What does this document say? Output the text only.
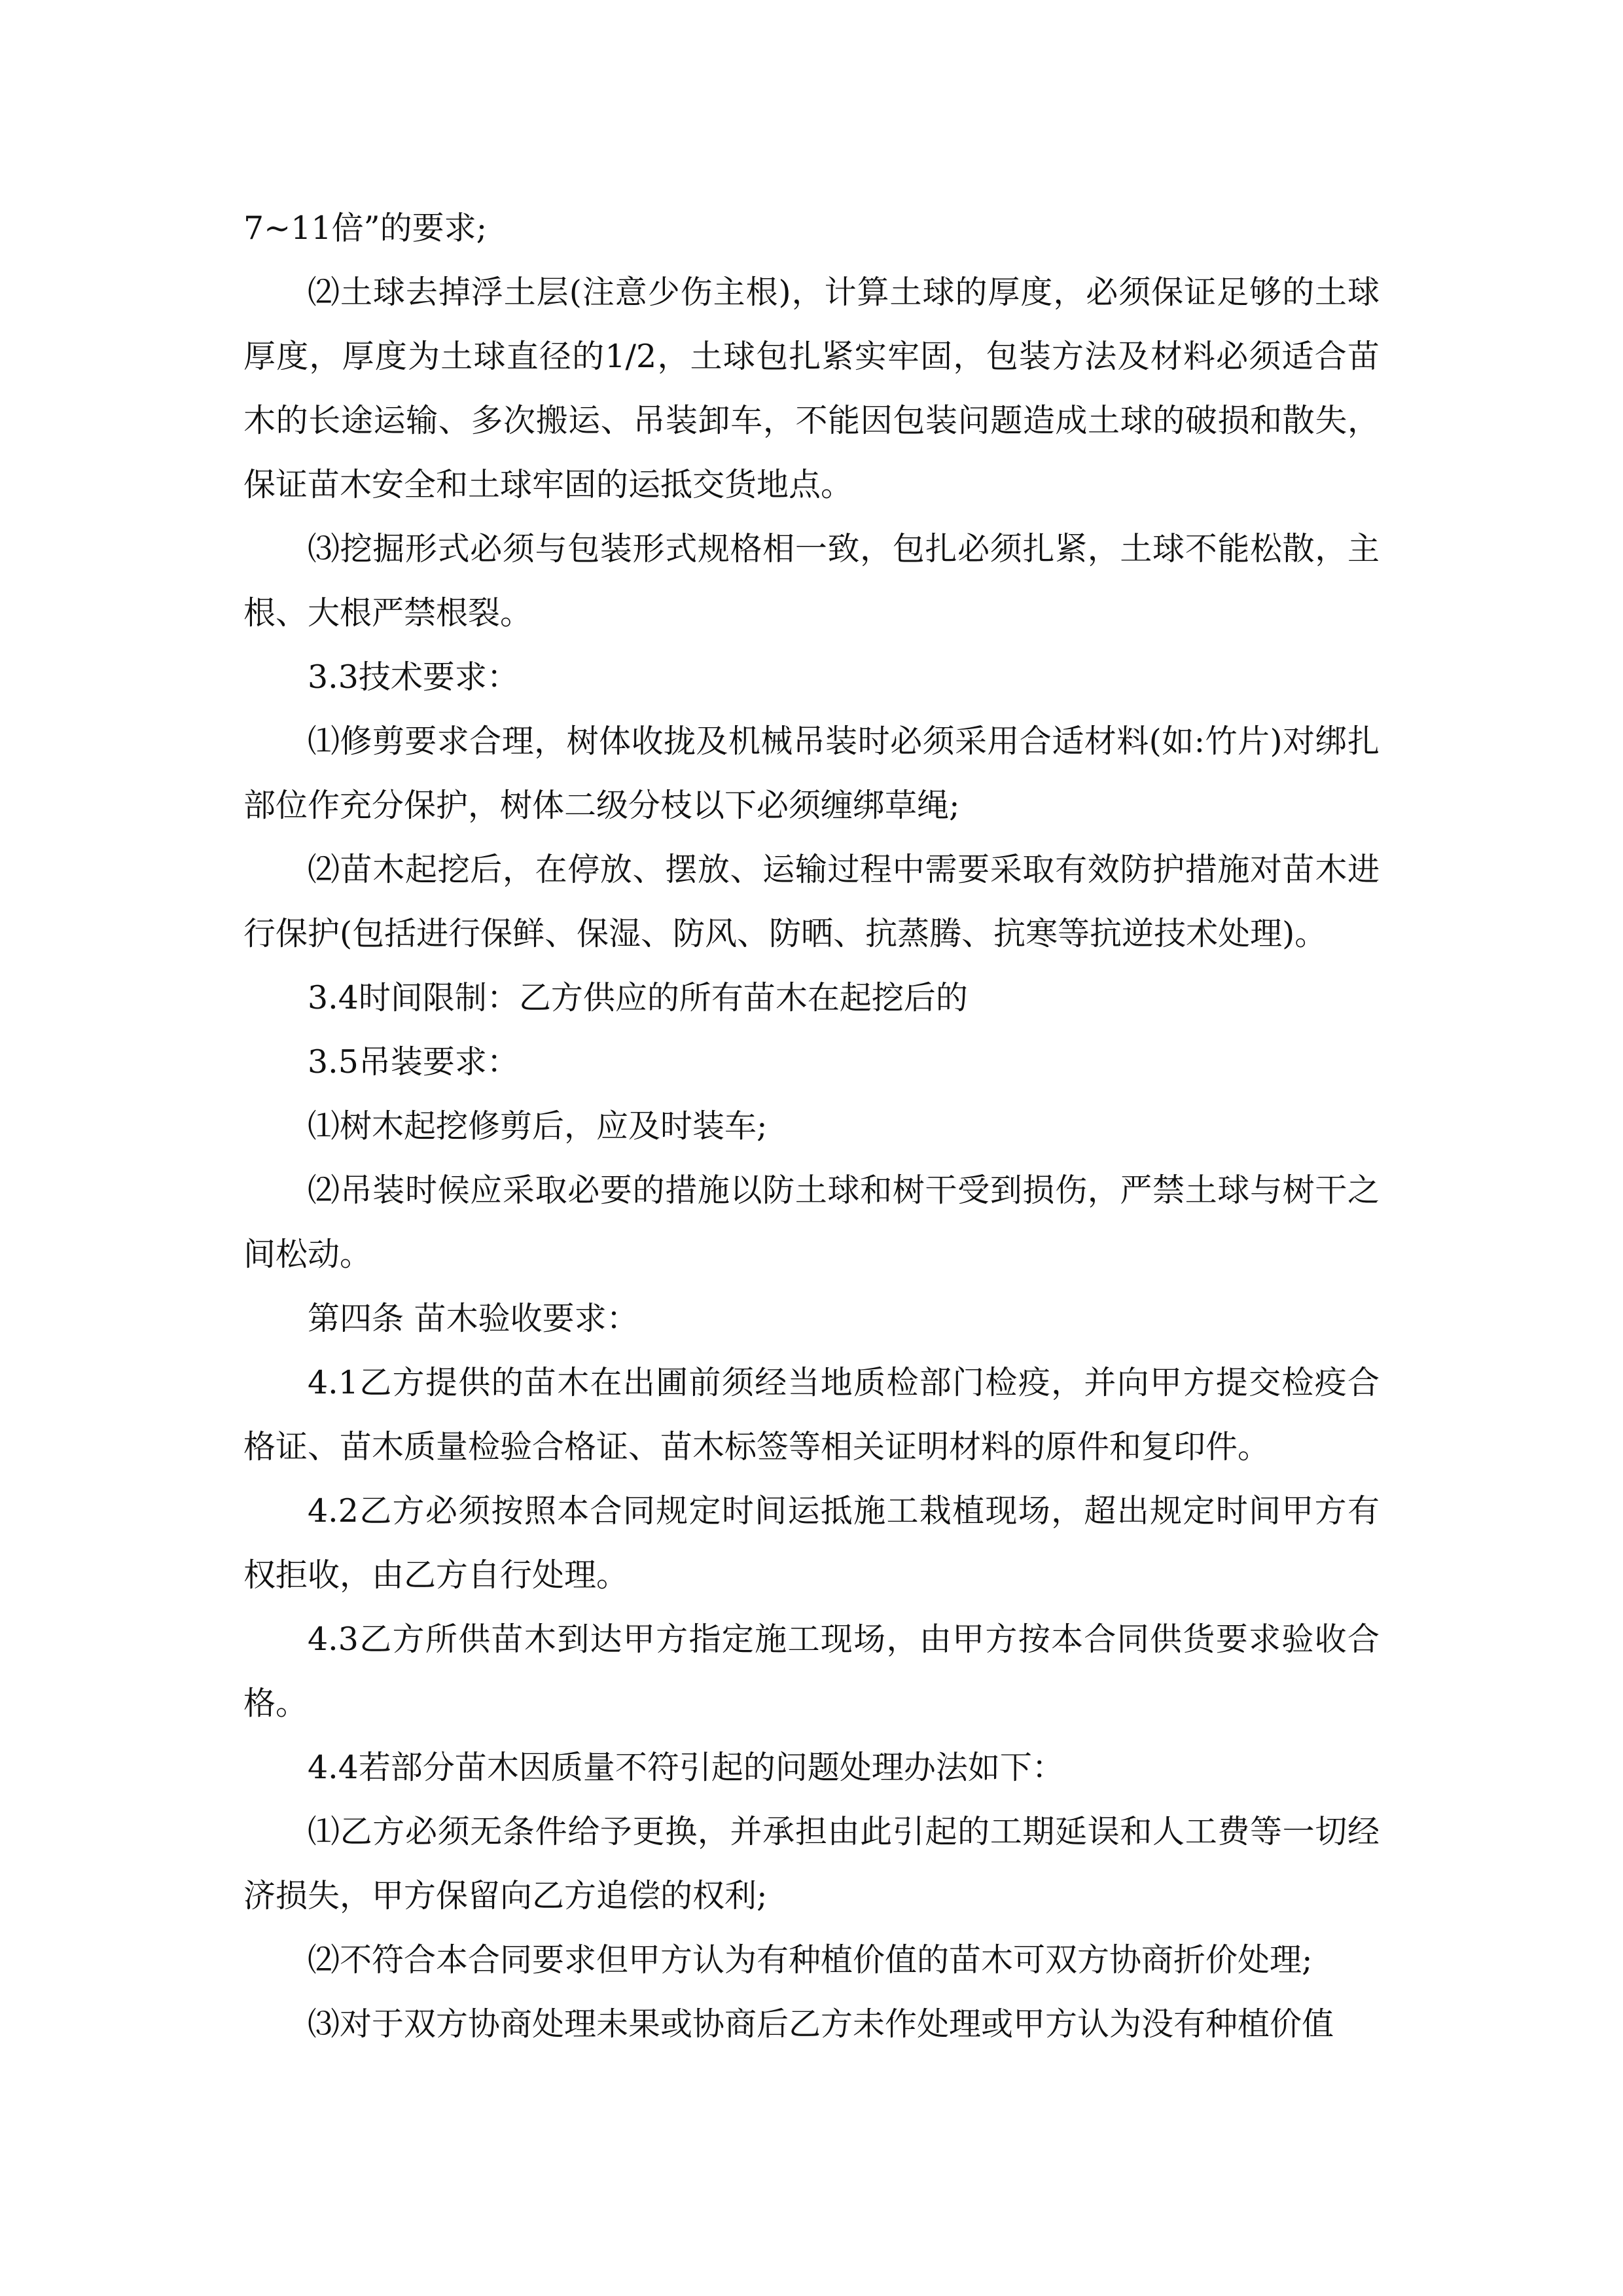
7~11倍”的要求;

⑵土球去掉浮土层(注意少伤主根)，计算土球的厚度，必须保证足够的土球厚度，厚度为土球直径的1/2，土球包扎紧实牢固，包装方法及材料必须适合苗木的长途运输、多次搬运、吊装卸车，不能因包装问题造成土球的破损和散失，保证苗木安全和土球牢固的运抵交货地点。

⑶挖掘形式必须与包装形式规格相一致，包扎必须扎紧，土球不能松散，主根、大根严禁根裂。

3.3技术要求：

⑴修剪要求合理，树体收拢及机械吊装时必须采用合适材料(如:竹片)对绑扎部位作充分保护，树体二级分枝以下必须缠绑草绳;

⑵苗木起挖后，在停放、摆放、运输过程中需要采取有效防护措施对苗木进行保护(包括进行保鲜、保湿、防风、防晒、抗蒸腾、抗寒等抗逆技术处理)。

3.4时间限制：乙方供应的所有苗木在起挖后的

3.5吊装要求：

⑴树木起挖修剪后，应及时装车;

⑵吊装时候应采取必要的措施以防土球和树干受到损伤，严禁土球与树干之间松动。

第四条 苗木验收要求：

4.1乙方提供的苗木在出圃前须经当地质检部门检疫，并向甲方提交检疫合格证、苗木质量检验合格证、苗木标签等相关证明材料的原件和复印件。

4.2乙方必须按照本合同规定时间运抵施工栽植现场，超出规定时间甲方有权拒收，由乙方自行处理。

4.3乙方所供苗木到达甲方指定施工现场，由甲方按本合同供货要求验收合格。

4.4若部分苗木因质量不符引起的问题处理办法如下：

⑴乙方必须无条件给予更换，并承担由此引起的工期延误和人工费等一切经济损失，甲方保留向乙方追偿的权利;

⑵不符合本合同要求但甲方认为有种植价值的苗木可双方协商折价处理;

⑶对于双方协商处理未果或协商后乙方未作处理或甲方认为没有种植价值
